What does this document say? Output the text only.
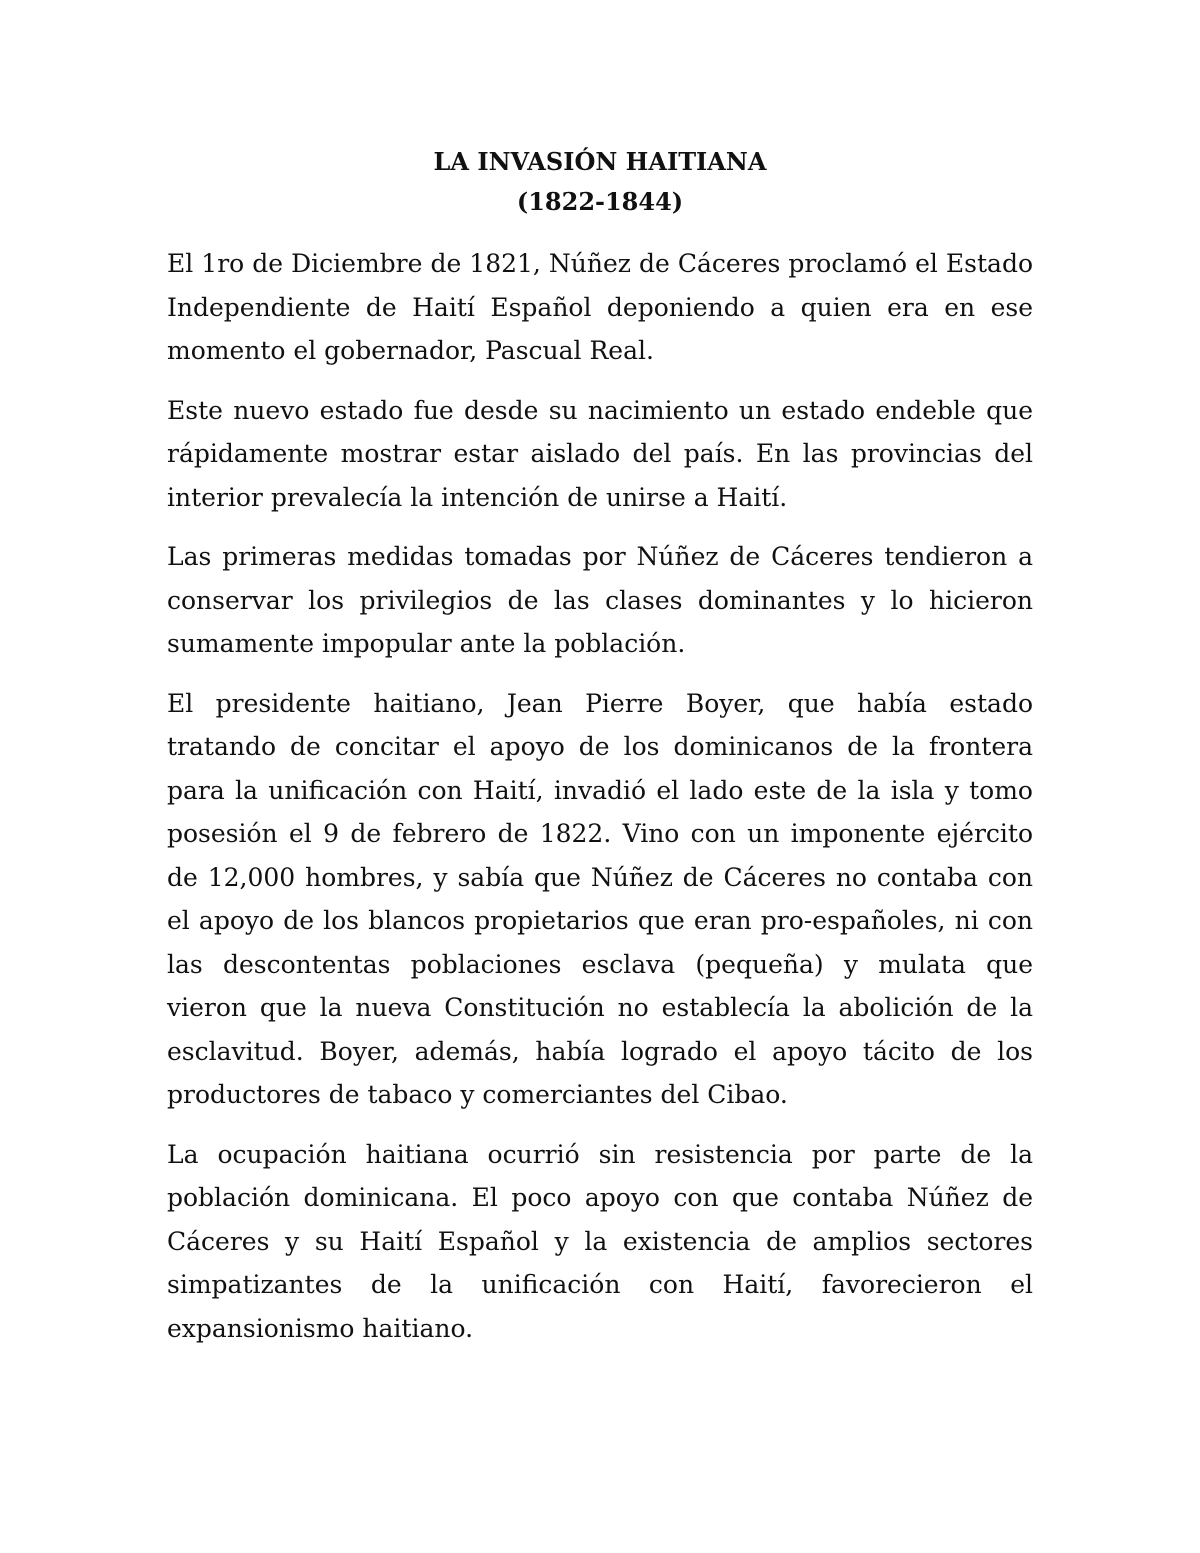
LA INVASIÓN HAITIANA
(1822-1844)

El 1ro de Diciembre de 1821, Núñez de Cáceres proclamó el Estado Independiente de Haití Español deponiendo a quien era en ese momento el gobernador, Pascual Real.

Este nuevo estado fue desde su nacimiento un estado endeble que rápidamente mostrar estar aislado del país. En las provincias del interior prevalecía la intención de unirse a Haití.

Las primeras medidas tomadas por Núñez de Cáceres tendieron a conservar los privilegios de las clases dominantes y lo hicieron sumamente impopular ante la población.

El presidente haitiano, Jean Pierre Boyer, que había estado tratando de concitar el apoyo de los dominicanos de la frontera para la unificación con Haití, invadió el lado este de la isla y tomo posesión el 9 de febrero de 1822. Vino con un imponente ejército de 12,000 hombres, y sabía que Núñez de Cáceres no contaba con el apoyo de los blancos propietarios que eran pro-españoles, ni con las descontentas poblaciones esclava (pequeña) y mulata que vieron que la nueva Constitución no establecía la abolición de la esclavitud. Boyer, además, había logrado el apoyo tácito de los productores de tabaco y comerciantes del Cibao.

La ocupación haitiana ocurrió sin resistencia por parte de la población dominicana. El poco apoyo con que contaba Núñez de Cáceres y su Haití Español y la existencia de amplios sectores simpatizantes de la unificación con Haití, favorecieron el expansionismo haitiano.
